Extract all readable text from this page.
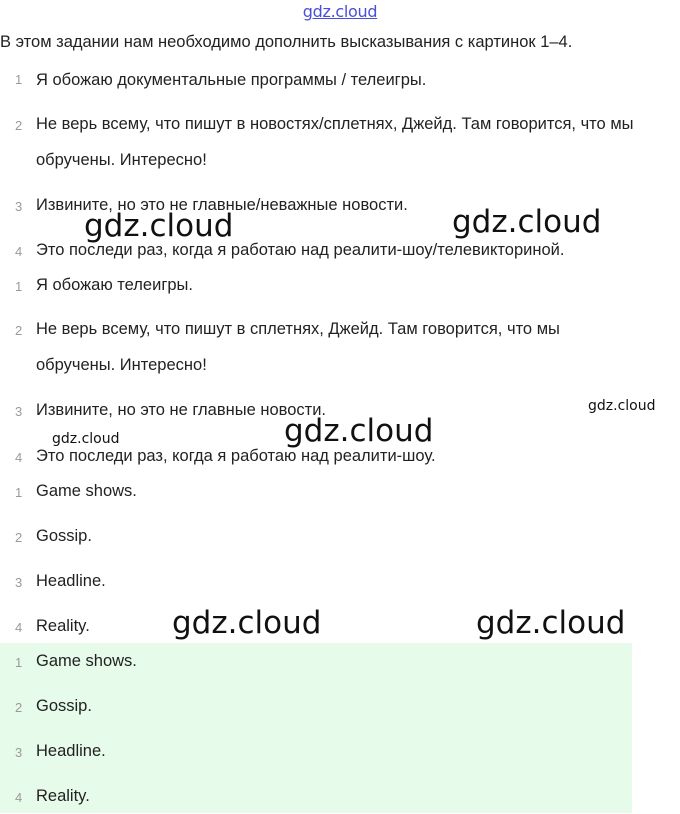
gdz.cloud
В этом задании нам необходимо дополнить высказывания с картинок 1–4.
1 Я обожаю документальные программы / телеигры.
2 Не верь всему, что пишут в новостях/сплетнях, Джейд. Там говорится, что мы обручены. Интересно!
3 Извините, но это не главные/неважные новости.
4 Это последи раз, когда я работаю над реалити-шоу/телевикториной.
1 Я обожаю телеигры.
2 Не верь всему, что пишут в сплетнях, Джейд. Там говорится, что мы обручены. Интересно!
3 Извините, но это не главные новости.
4 Это последи раз, когда я работаю над реалити-шоу.
1 Game shows.
2 Gossip.
3 Headline.
4 Reality.
1 Game shows.
2 Gossip.
3 Headline.
4 Reality.
gdz.cloud	gdz.cloud
gdz.cloud
gdz.cloud	gdz.cloud
gdz.cloud	gdz.cloud
